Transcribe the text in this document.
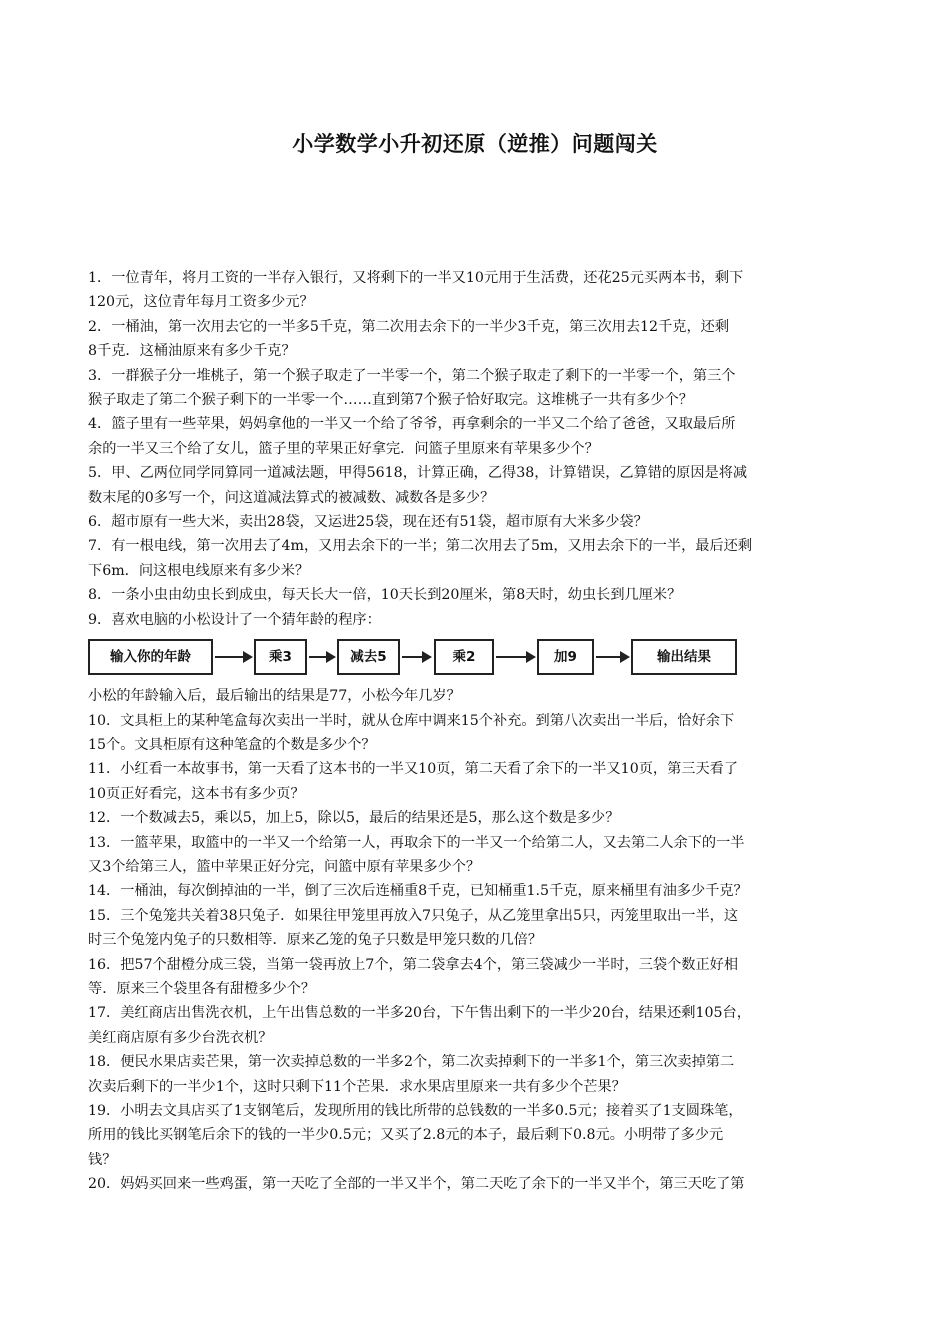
小学数学小升初还原（逆推）问题闯关
1．一位青年，将月工资的一半存入银行，又将剩下的一半又10元用于生活费，还花25元买两本书，剩下
120元，这位青年每月工资多少元？
2．一桶油，第一次用去它的一半多5千克，第二次用去余下的一半少3千克，第三次用去12千克，还剩
8千克．这桶油原来有多少千克？
3．一群猴子分一堆桃子，第一个猴子取走了一半零一个，第二个猴子取走了剩下的一半零一个，第三个
猴子取走了第二个猴子剩下的一半零一个……直到第7个猴子恰好取完。这堆桃子一共有多少个？
4．篮子里有一些苹果，妈妈拿他的一半又一个给了爷爷，再拿剩余的一半又二个给了爸爸，又取最后所
余的一半又三个给了女儿，篮子里的苹果正好拿完．问篮子里原来有苹果多少个？
5．甲、乙两位同学同算同一道减法题，甲得5618，计算正确，乙得38，计算错误，乙算错的原因是将减
数末尾的0多写一个，问这道减法算式的被减数、减数各是多少？
6．超市原有一些大米，卖出28袋，又运进25袋，现在还有51袋，超市原有大米多少袋？
7．有一根电线，第一次用去了4m，又用去余下的一半；第二次用去了5m，又用去余下的一半，最后还剩
下6m．问这根电线原来有多少米？
8．一条小虫由幼虫长到成虫，每天长大一倍，10天长到20厘米，第8天时，幼虫长到几厘米？
9．喜欢电脑的小松设计了一个猜年龄的程序：
输入你的年龄	乘3	减去5	乘2	加9	输出结果
小松的年龄输入后，最后输出的结果是77，小松今年几岁？
10．文具柜上的某种笔盒每次卖出一半时，就从仓库中调来15个补充。到第八次卖出一半后，恰好余下
15个。文具柜原有这种笔盒的个数是多少个？
11．小红看一本故事书，第一天看了这本书的一半又10页，第二天看了余下的一半又10页，第三天看了
10页正好看完，这本书有多少页？
12．一个数减去5，乘以5，加上5，除以5，最后的结果还是5，那么这个数是多少？
13．一篮苹果，取篮中的一半又一个给第一人，再取余下的一半又一个给第二人，又去第二人余下的一半
又3个给第三人，篮中苹果正好分完，问篮中原有苹果多少个？
14．一桶油，每次倒掉油的一半，倒了三次后连桶重8千克，已知桶重1.5千克，原来桶里有油多少千克？
15．三个兔笼共关着38只兔子．如果往甲笼里再放入7只兔子，从乙笼里拿出5只，丙笼里取出一半，这
时三个兔笼内兔子的只数相等．原来乙笼的兔子只数是甲笼只数的几倍？
16．把57个甜橙分成三袋，当第一袋再放上7个，第二袋拿去4个，第三袋减少一半时，三袋个数正好相
等．原来三个袋里各有甜橙多少个？
17．美红商店出售洗衣机，上午出售总数的一半多20台，下午售出剩下的一半少20台，结果还剩105台，
美红商店原有多少台洗衣机？
18．便民水果店卖芒果，第一次卖掉总数的一半多2个，第二次卖掉剩下的一半多1个，第三次卖掉第二
次卖后剩下的一半少1个，这时只剩下11个芒果．求水果店里原来一共有多少个芒果？
19．小明去文具店买了1支钢笔后，发现所用的钱比所带的总钱数的一半多0.5元；接着买了1支圆珠笔，
所用的钱比买钢笔后余下的钱的一半少0.5元；又买了2.8元的本子，最后剩下0.8元。小明带了多少元
钱？
20．妈妈买回来一些鸡蛋，第一天吃了全部的一半又半个，第二天吃了余下的一半又半个，第三天吃了第
